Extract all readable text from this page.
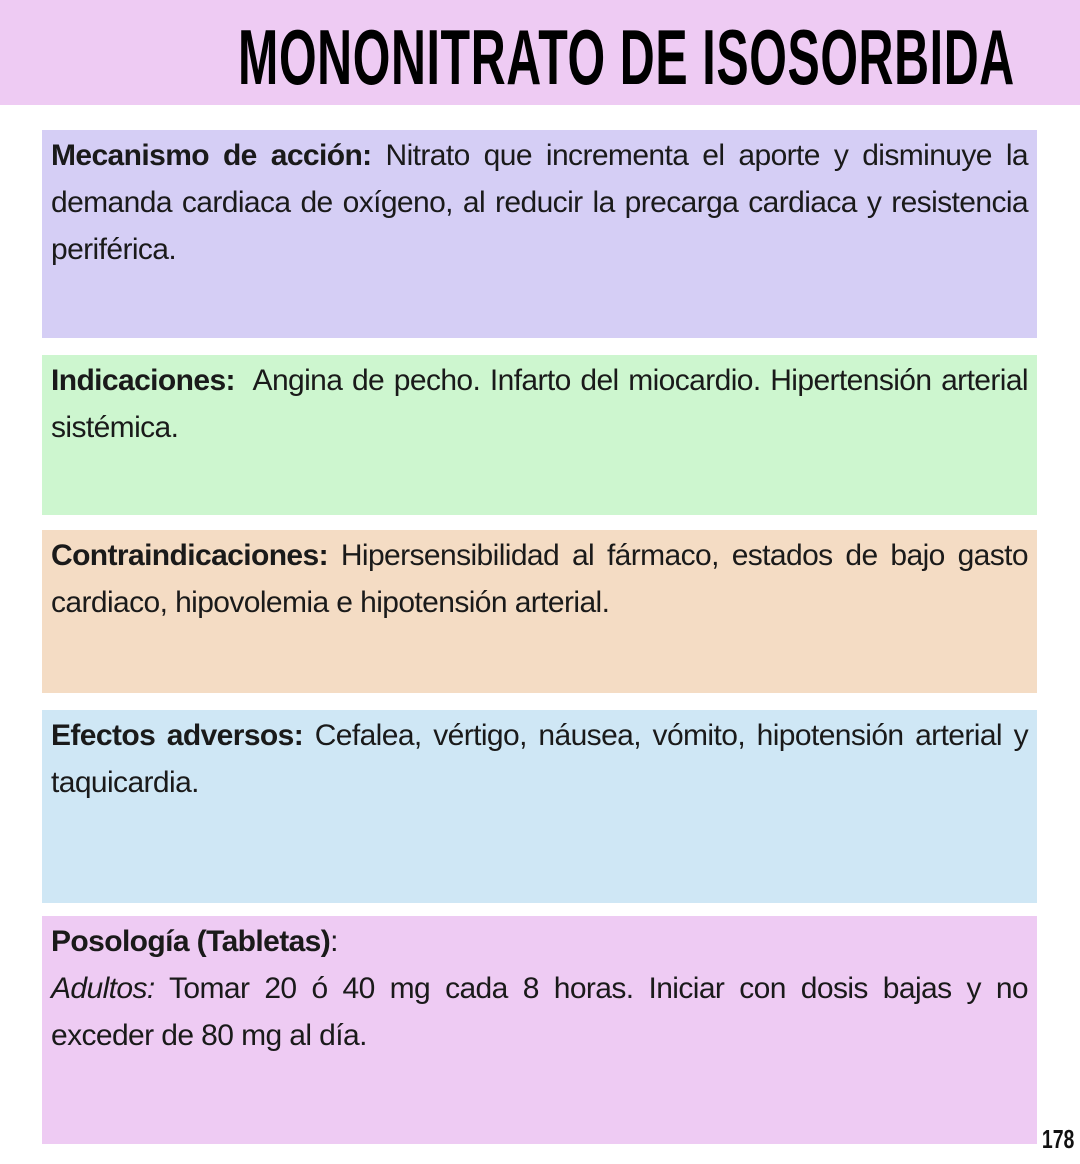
MONONITRATO DE ISOSORBIDA

Mecanismo de acción: Nitrato que incrementa el aporte y disminuye la demanda cardiaca de oxígeno, al reducir la precarga cardiaca y resistencia periférica.

Indicaciones:  Angina de pecho. Infarto del miocardio. Hipertensión arterial sistémica.

Contraindicaciones: Hipersensibilidad al fármaco, estados de bajo gasto cardiaco, hipovolemia e hipotensión arterial.

Efectos adversos: Cefalea, vértigo, náusea, vómito, hipotensión arterial y taquicardia.

Posología (Tabletas):

Adultos: Tomar 20 ó 40 mg cada 8 horas. Iniciar con dosis bajas y no exceder de 80 mg al día.

178
